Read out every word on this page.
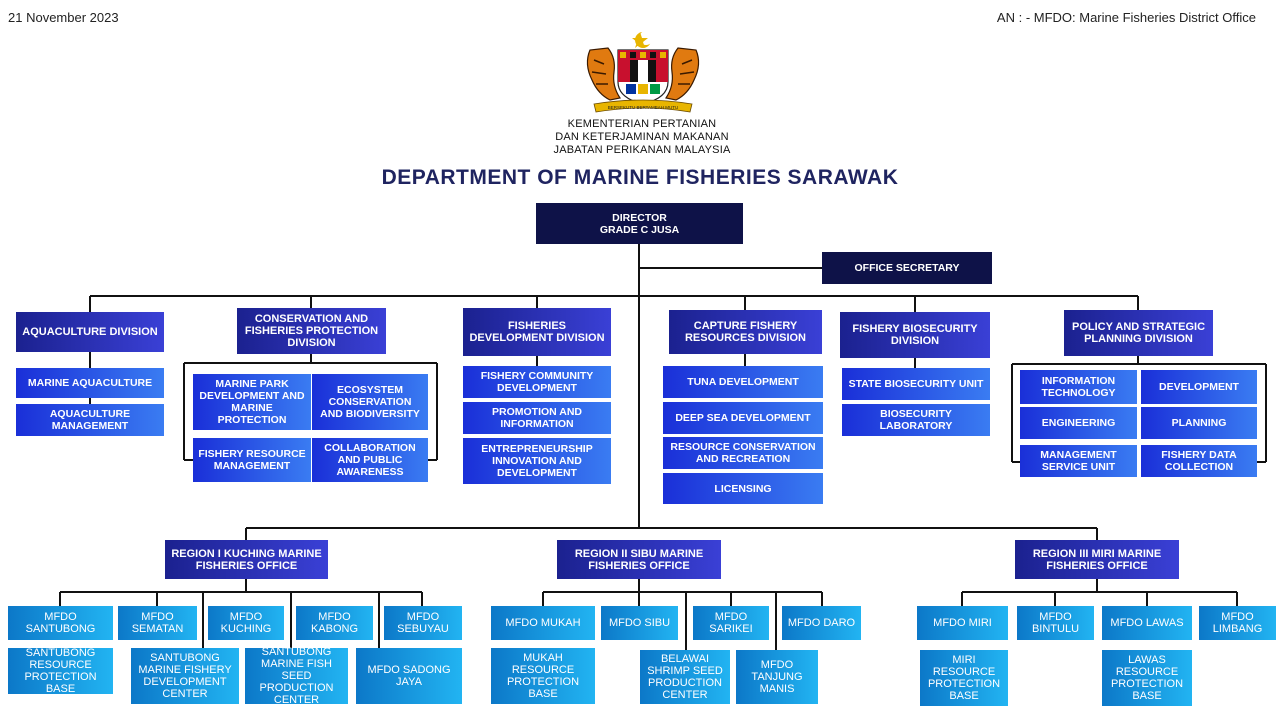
21 November 2023	AN : - MFDO: Marine Fisheries District Office
BERSEKUTU BERTAMBAH MUTU
KEMENTERIAN PERTANIAN
DAN KETERJAMINAN MAKANAN
JABATAN PERIKANAN MALAYSIA
DEPARTMENT OF MARINE FISHERIES SARAWAK
DIRECTOR
GRADE C JUSA
OFFICE SECRETARY
AQUACULTURE DIVISION
CONSERVATION AND FISHERIES PROTECTION DIVISION
FISHERIES DEVELOPMENT DIVISION
CAPTURE FISHERY RESOURCES DIVISION
FISHERY BIOSECURITY DIVISION
POLICY AND STRATEGIC PLANNING DIVISION
MARINE AQUACULTURE
AQUACULTURE MANAGEMENT
MARINE PARK DEVELOPMENT AND MARINE PROTECTION
ECOSYSTEM CONSERVATION AND BIODIVERSITY
FISHERY RESOURCE MANAGEMENT
COLLABORATION AND PUBLIC AWARENESS
FISHERY COMMUNITY DEVELOPMENT
PROMOTION AND INFORMATION
ENTREPRENEURSHIP INNOVATION AND DEVELOPMENT
TUNA DEVELOPMENT
DEEP SEA DEVELOPMENT
RESOURCE CONSERVATION AND RECREATION
LICENSING
STATE BIOSECURITY UNIT
BIOSECURITY LABORATORY
INFORMATION TECHNOLOGY	DEVELOPMENT
ENGINEERING	PLANNING
MANAGEMENT SERVICE UNIT
FISHERY DATA COLLECTION
REGION I KUCHING MARINE FISHERIES OFFICE
REGION II SIBU MARINE FISHERIES OFFICE
REGION III MIRI MARINE FISHERIES OFFICE
MFDO SANTUBONG
MFDO SEMATAN
MFDO KUCHING
MFDO KABONG
MFDO SEBUYAU
SANTUBONG RESOURCE PROTECTION BASE
SANTUBONG MARINE FISHERY DEVELOPMENT CENTER
SANTUBONG MARINE FISH SEED PRODUCTION CENTER
MFDO SADONG JAYA
MFDO MUKAH	MFDO SIBU	MFDO SARIKEI	MFDO DARO
MUKAH RESOURCE PROTECTION BASE
BELAWAI SHRIMP SEED PRODUCTION CENTER
MFDO TANJUNG MANIS
MFDO MIRI	MFDO BINTULU	MFDO LAWAS	MFDO LIMBANG
MIRI RESOURCE PROTECTION BASE
LAWAS RESOURCE PROTECTION BASE
